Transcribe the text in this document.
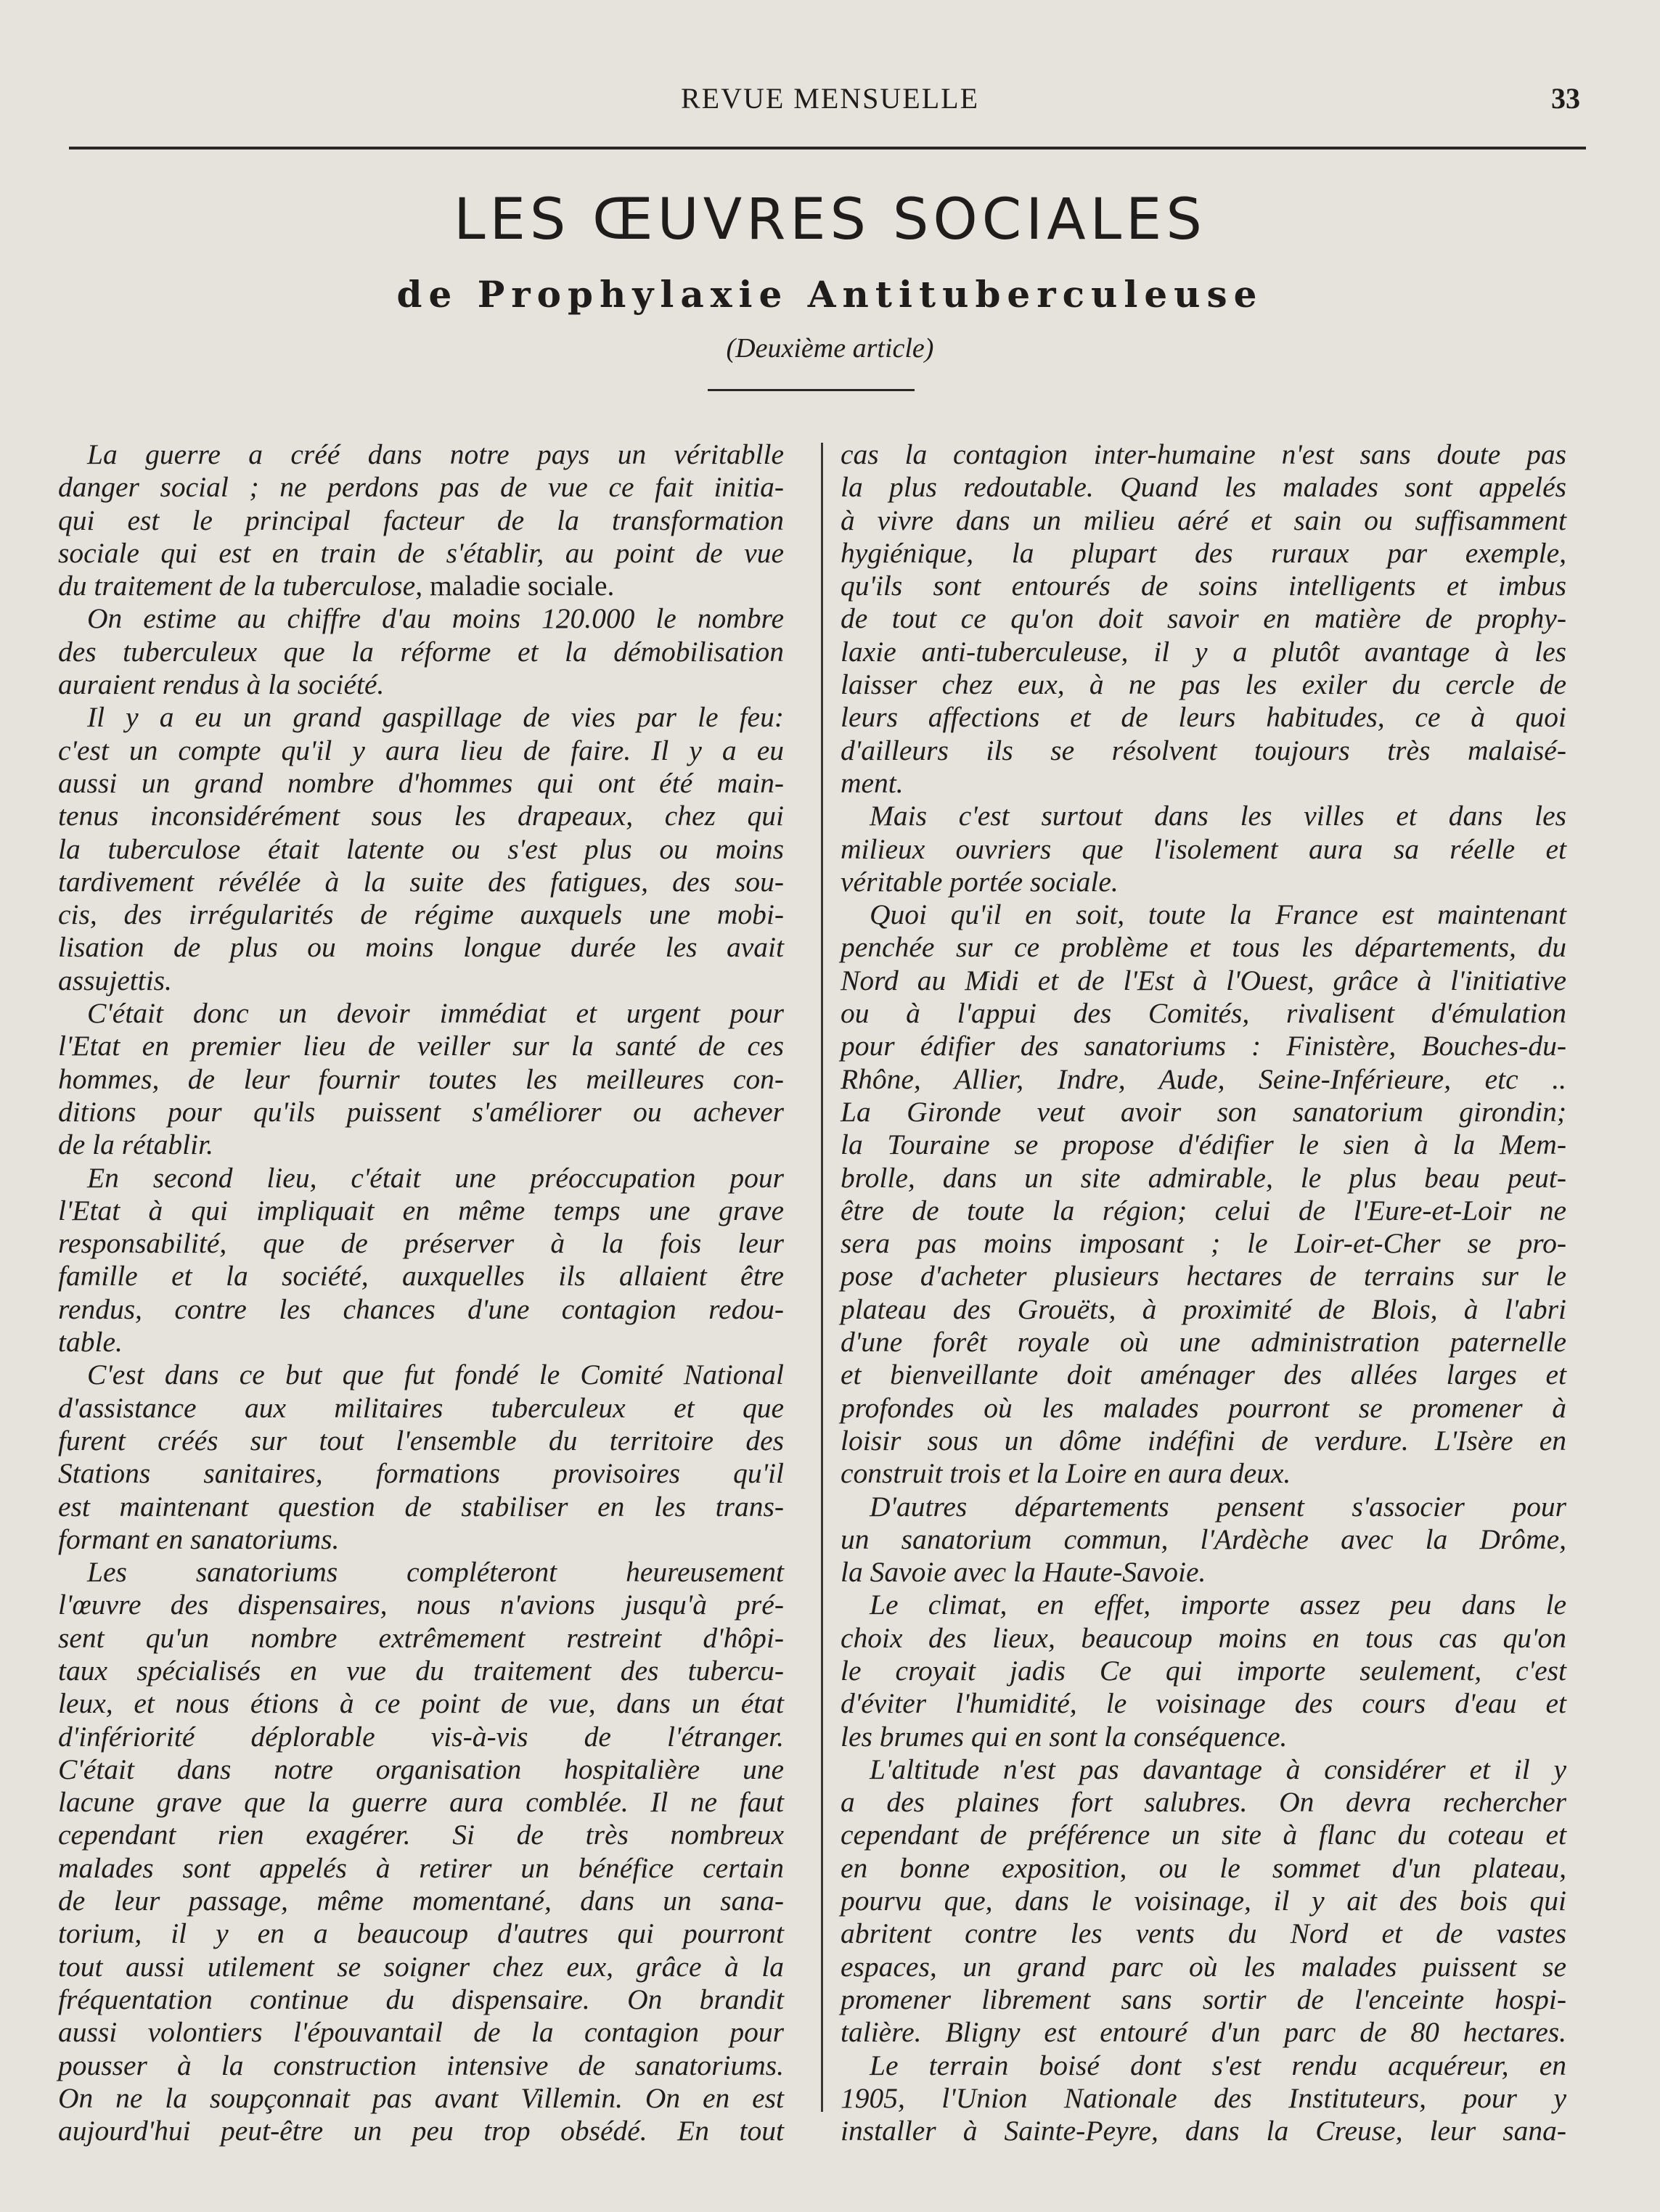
REVUE MENSUELLE	33
LES ŒUVRES SOCIALES
de Prophylaxie Antituberculeuse
(Deuxième article)
La guerre a créé dans notre pays un véritablle
danger social ; ne perdons pas de vue ce fait initia-
qui est le principal facteur de la transformation
sociale qui est en train de s'établir, au point de vue
du traitement de la tuberculose, maladie sociale.
On estime au chiffre d'au moins 120.000 le nombre
des tuberculeux que la réforme et la démobilisation
auraient rendus à la société.
Il y a eu un grand gaspillage de vies par le feu:
c'est un compte qu'il y aura lieu de faire. Il y a eu
aussi un grand nombre d'hommes qui ont été main-
tenus inconsidérément sous les drapeaux, chez qui
la tuberculose était latente ou s'est plus ou moins
tardivement révélée à la suite des fatigues, des sou-
cis, des irrégularités de régime auxquels une mobi-
lisation de plus ou moins longue durée les avait
assujettis.
C'était donc un devoir immédiat et urgent pour
l'Etat en premier lieu de veiller sur la santé de ces
hommes, de leur fournir toutes les meilleures con-
ditions pour qu'ils puissent s'améliorer ou achever
de la rétablir.
En second lieu, c'était une préoccupation pour
l'Etat à qui impliquait en même temps une grave
responsabilité, que de préserver à la fois leur
famille et la société, auxquelles ils allaient être
rendus, contre les chances d'une contagion redou-
table.
C'est dans ce but que fut fondé le Comité National
d'assistance aux militaires tuberculeux et que
furent créés sur tout l'ensemble du territoire des
Stations sanitaires, formations provisoires qu'il
est maintenant question de stabiliser en les trans-
formant en sanatoriums.
Les sanatoriums compléteront heureusement
l'œuvre des dispensaires, nous n'avions jusqu'à pré-
sent qu'un nombre extrêmement restreint d'hôpi-
taux spécialisés en vue du traitement des tubercu-
leux, et nous étions à ce point de vue, dans un état
d'infériorité déplorable vis-à-vis de l'étranger.
C'était dans notre organisation hospitalière une
lacune grave que la guerre aura comblée. Il ne faut
cependant rien exagérer. Si de très nombreux
malades sont appelés à retirer un bénéfice certain
de leur passage, même momentané, dans un sana-
torium, il y en a beaucoup d'autres qui pourront
tout aussi utilement se soigner chez eux, grâce à la
fréquentation continue du dispensaire. On brandit
aussi volontiers l'épouvantail de la contagion pour
pousser à la construction intensive de sanatoriums.
On ne la soupçonnait pas avant Villemin. On en est
aujourd'hui peut-être un peu trop obsédé. En tout
cas la contagion inter-humaine n'est sans doute pas
la plus redoutable. Quand les malades sont appelés
à vivre dans un milieu aéré et sain ou suffisamment
hygiénique, la plupart des ruraux par exemple,
qu'ils sont entourés de soins intelligents et imbus
de tout ce qu'on doit savoir en matière de prophy-
laxie anti-tuberculeuse, il y a plutôt avantage à les
laisser chez eux, à ne pas les exiler du cercle de
leurs affections et de leurs habitudes, ce à quoi
d'ailleurs ils se résolvent toujours très malaisé-
ment.
Mais c'est surtout dans les villes et dans les
milieux ouvriers que l'isolement aura sa réelle et
véritable portée sociale.
Quoi qu'il en soit, toute la France est maintenant
penchée sur ce problème et tous les départements, du
Nord au Midi et de l'Est à l'Ouest, grâce à l'initiative
ou à l'appui des Comités, rivalisent d'émulation
pour édifier des sanatoriums : Finistère, Bouches-du-
Rhône, Allier, Indre, Aude, Seine-Inférieure, etc ..
La Gironde veut avoir son sanatorium girondin;
la Touraine se propose d'édifier le sien à la Mem-
brolle, dans un site admirable, le plus beau peut-
être de toute la région; celui de l'Eure-et-Loir ne
sera pas moins imposant ; le Loir-et-Cher se pro-
pose d'acheter plusieurs hectares de terrains sur le
plateau des Grouëts, à proximité de Blois, à l'abri
d'une forêt royale où une administration paternelle
et bienveillante doit aménager des allées larges et
profondes où les malades pourront se promener à
loisir sous un dôme indéfini de verdure. L'Isère en
construit trois et la Loire en aura deux.
D'autres départements pensent s'associer pour
un sanatorium commun, l'Ardèche avec la Drôme,
la Savoie avec la Haute-Savoie.
Le climat, en effet, importe assez peu dans le
choix des lieux, beaucoup moins en tous cas qu'on
le croyait jadis Ce qui importe seulement, c'est
d'éviter l'humidité, le voisinage des cours d'eau et
les brumes qui en sont la conséquence.
L'altitude n'est pas davantage à considérer et il y
a des plaines fort salubres. On devra rechercher
cependant de préférence un site à flanc du coteau et
en bonne exposition, ou le sommet d'un plateau,
pourvu que, dans le voisinage, il y ait des bois qui
abritent contre les vents du Nord et de vastes
espaces, un grand parc où les malades puissent se
promener librement sans sortir de l'enceinte hospi-
talière. Bligny est entouré d'un parc de 80 hectares.
Le terrain boisé dont s'est rendu acquéreur, en
1905, l'Union Nationale des Instituteurs, pour y
installer à Sainte-Peyre, dans la Creuse, leur sana-
